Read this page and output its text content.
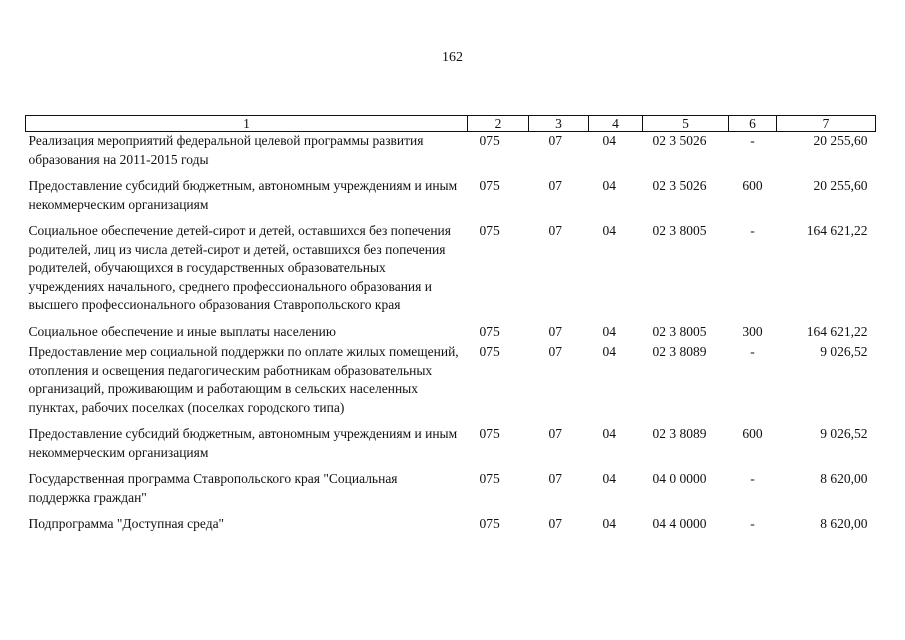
162
1	2	3	4	5	6	7
Реализация мероприятий федеральной целевой программы развития образования на 2011-2015 годы	075	07	04	02 3 5026	-	20 255,60
Предоставление субсидий бюджетным, автономным учреждениям и иным некоммерческим организациям	075	07	04	02 3 5026	600	20 255,60
Социальное обеспечение детей-сирот и детей, оставшихся без попечения родителей, лиц из числа детей-сирот и детей, оставшихся без попечения родителей, обучающихся в государственных образовательных учреждениях начального, среднего профессионального образования и высшего профессионального образования Ставропольского края	075	07	04	02 3 8005	-	164 621,22
Социальное обеспечение и иные выплаты населению	075	07	04	02 3 8005	300	164 621,22
Предоставление мер социальной поддержки по оплате жилых помещений, отопления и освещения педагогическим работникам образовательных организаций, проживающим и работающим в сельских населенных пунктах, рабочих поселках (поселках городского типа)	075	07	04	02 3 8089	-	9 026,52
Предоставление субсидий бюджетным, автономным учреждениям и иным некоммерческим организациям	075	07	04	02 3 8089	600	9 026,52
Государственная программа Ставропольского края "Социальная поддержка граждан"	075	07	04	04 0 0000	-	8 620,00
Подпрограмма "Доступная среда"	075	07	04	04 4 0000	-	8 620,00
